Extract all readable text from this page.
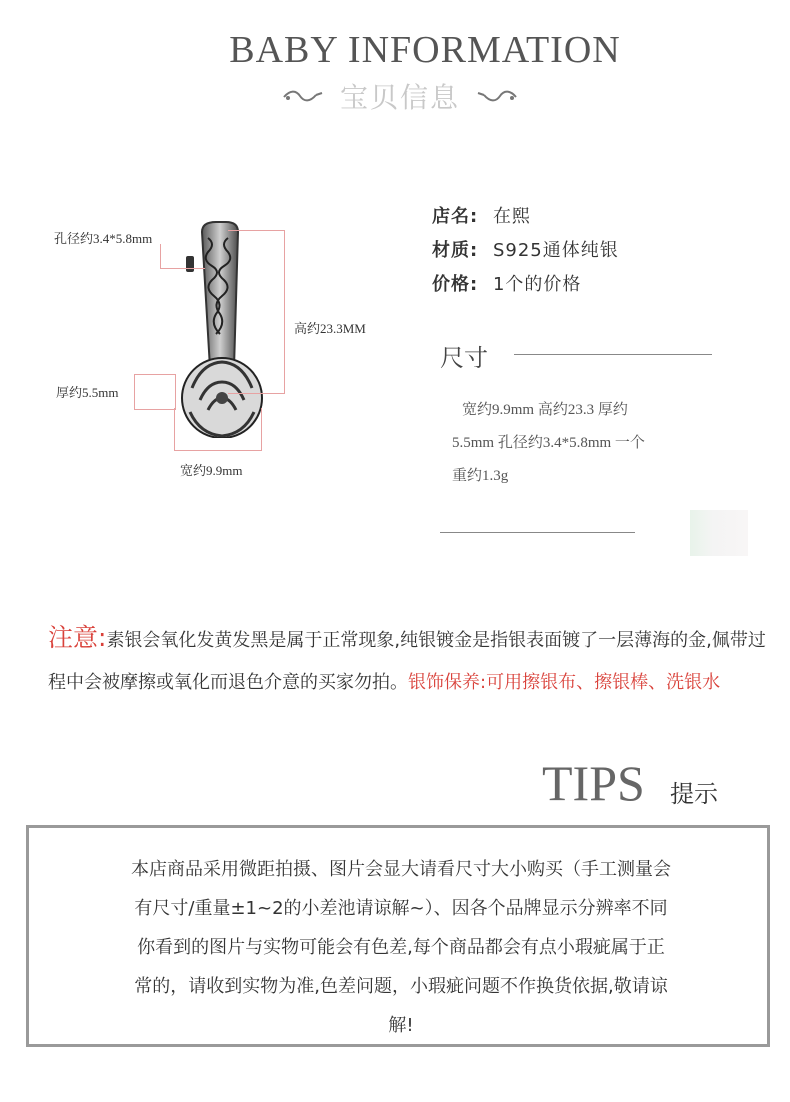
BABY INFORMATION
宝贝信息
孔径约3.4*5.8mm
高约23.3MM
厚约5.5mm
宽约9.9mm
店名: 在熙
材质: S925通体纯银
价格: 1个的价格
尺寸
宽约9.9mm 高约23.3 厚约
5.5mm 孔径约3.4*5.8mm 一个
重约1.3g
注意:素银会氧化发黄发黑是属于正常现象,纯银镀金是指银表面镀了一层薄海的金,佩带过程中会被摩擦或氧化而退色介意的买家勿拍。银饰保养:可用擦银布、擦银棒、洗银水
TIPS 提示
本店商品采用微距拍摄、图片会显大请看尺寸大小购买（手工测量会
有尺寸/重量±1~2的小差池请谅解~）、因各个品牌显示分辨率不同
你看到的图片与实物可能会有色差,每个商品都会有点小瑕疵属于正
常的，请收到实物为准,色差问题，小瑕疵问题不作换货依据,敬请谅
解!
